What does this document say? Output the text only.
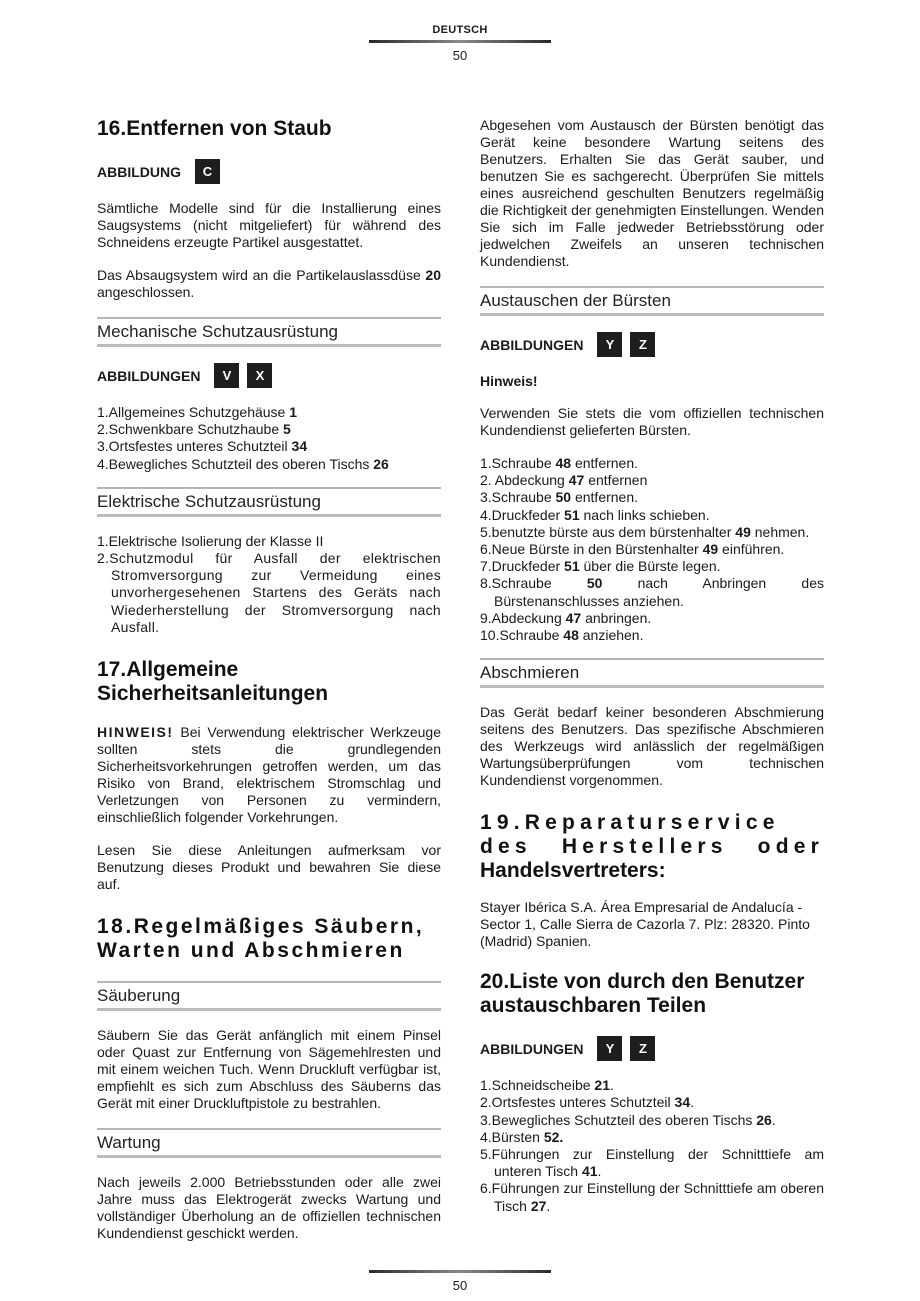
DEUTSCH
50
16.Entfernen von Staub
ABBILDUNG	C

Sämtliche Modelle sind für die Installierung eines Saugsystems (nicht mitgeliefert) für während des Schneidens erzeugte Partikel ausgestattet.

Das Absaugsystem wird an die Partikelauslassdüse 20 angeschlossen.

Mechanische Schutzausrüstung
ABBILDUNGEN	V	X
1.Allgemeines Schutzgehäuse 1
2.Schwenkbare Schutzhaube 5
3.Ortsfestes unteres Schutzteil 34
4.Bewegliches Schutzteil des oberen Tischs 26
Elektrische Schutzausrüstung
1.Elektrische Isolierung der Klasse II
2.Schutzmodul für Ausfall der elektrischen Stromversorgung zur Vermeidung eines unvorhergesehenen Startens des Geräts nach Wiederherstellung der Stromversorgung nach Ausfall.
17.Allgemeine Sicherheitsanleitungen

HINWEIS! Bei Verwendung elektrischer Werkzeuge sollten stets die grundlegenden Sicherheitsvorkehrungen getroffen werden, um das Risiko von Brand, elektrischem Stromschlag und Verletzungen von Personen zu vermindern, einschließlich folgender Vorkehrungen.

Lesen Sie diese Anleitungen aufmerksam vor Benutzung dieses Produkt und bewahren Sie diese auf.

18.Regelmäßiges Säubern, Warten und Abschmieren
Säuberung

Säubern Sie das Gerät anfänglich mit einem Pinsel oder Quast zur Entfernung von Sägemehlresten und mit einem weichen Tuch. Wenn Druckluft verfügbar ist, empfiehlt es sich zum Abschluss des Säuberns das Gerät mit einer Druckluftpistole zu bestrahlen.

Wartung

Nach jeweils 2.000 Betriebsstunden oder alle zwei Jahre muss das Elektrogerät zwecks Wartung und vollständiger Überholung an de offiziellen technischen Kundendienst geschickt werden.

Abgesehen vom Austausch der Bürsten benötigt das Gerät keine besondere Wartung seitens des Benutzers. Erhalten Sie das Gerät sauber, und benutzen Sie es sachgerecht. Überprüfen Sie mittels eines ausreichend geschulten Benutzers regelmäßig die Richtigkeit der genehmigten Einstellungen. Wenden Sie sich im Falle jedweder Betriebsstörung oder jedwelchen Zweifels an unseren technischen Kundendienst.

Austauschen der Bürsten
ABBILDUNGEN	Y	Z
Hinweis!

Verwenden Sie stets die vom offiziellen technischen Kundendienst gelieferten Bürsten.

1.Schraube 48 entfernen.
2. Abdeckung 47 entfernen
3.Schraube 50 entfernen.
4.Druckfeder 51 nach links schieben.
5.benutzte bürste aus dem bürstenhalter 49 nehmen.
6.Neue Bürste in den Bürstenhalter 49 einführen.
7.Druckfeder 51 über die Bürste legen.
8.Schraube 50 nach Anbringen des Bürstenanschlusses anziehen.
9.Abdeckung 47 anbringen.
10.Schraube 48 anziehen.
Abschmieren

Das Gerät bedarf keiner besonderen Abschmierung seitens des Benutzers. Das spezifische Abschmieren des Werkzeugs wird anlässlich der regelmäßigen Wartungsüberprüfungen vom technischen Kundendienst vorgenommen.

19.Reparaturservice des Herstellers oder
Handelsvertreters:

Stayer Ibérica S.A. Área Empresarial de Andalucía - Sector 1, Calle Sierra de Cazorla 7. Plz: 28320. Pinto (Madrid) Spanien.

20.Liste von durch den Benutzer austauschbaren Teilen
ABBILDUNGEN	Y	Z
1.Schneidscheibe 21.
2.Ortsfestes unteres Schutzteil 34.
3.Bewegliches Schutzteil des oberen Tischs 26.
4.Bürsten 52.
5.Führungen zur Einstellung der Schnitttiefe am unteren Tisch 41.
6.Führungen zur Einstellung der Schnitttiefe am oberen Tisch 27.
50
